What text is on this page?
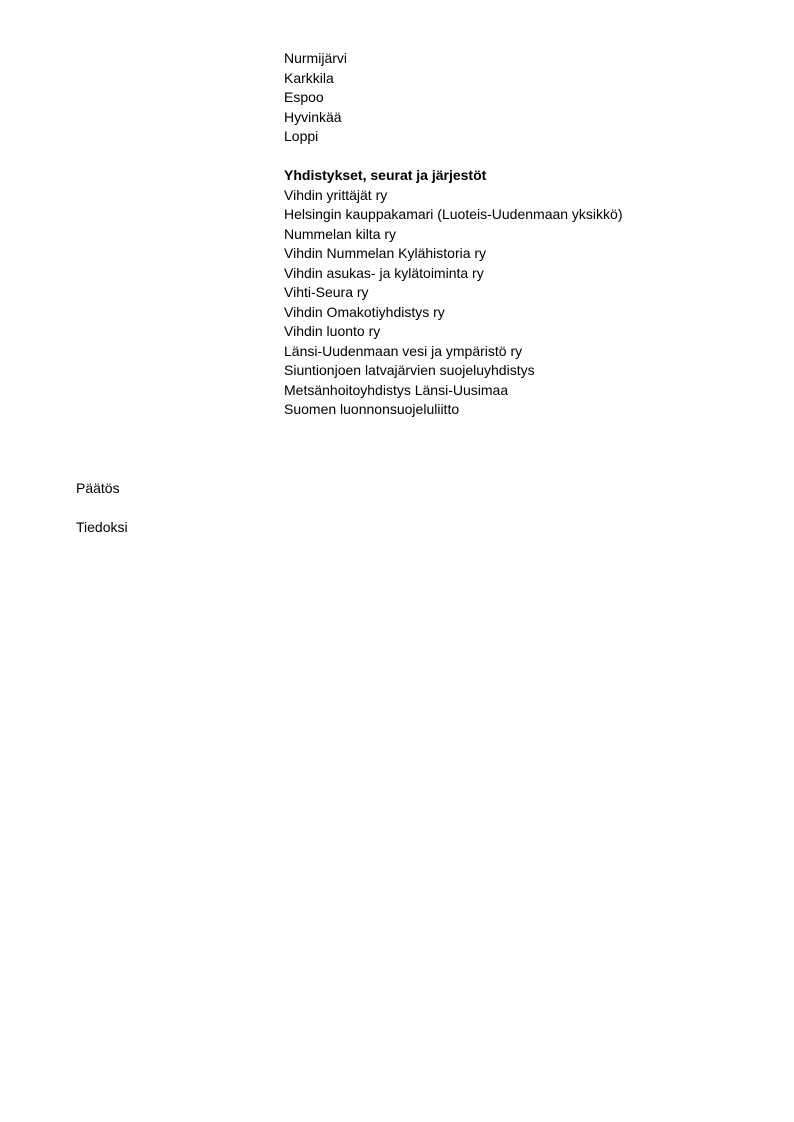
Nurmijärvi
Karkkila
Espoo
Hyvinkää
Loppi
Yhdistykset, seurat ja järjestöt
Vihdin yrittäjät ry
Helsingin kauppakamari (Luoteis-Uudenmaan yksikkö)
Nummelan kilta ry
Vihdin Nummelan Kylähistoria ry
Vihdin asukas- ja kylätoiminta ry
Vihti-Seura ry
Vihdin Omakotiyhdistys ry
Vihdin luonto ry
Länsi-Uudenmaan vesi ja ympäristö ry
Siuntionjoen latvajärvien suojeluyhdistys
Metsänhoitoyhdistys Länsi-Uusimaa
Suomen luonnonsuojeluliitto
Päätös
Tiedoksi
